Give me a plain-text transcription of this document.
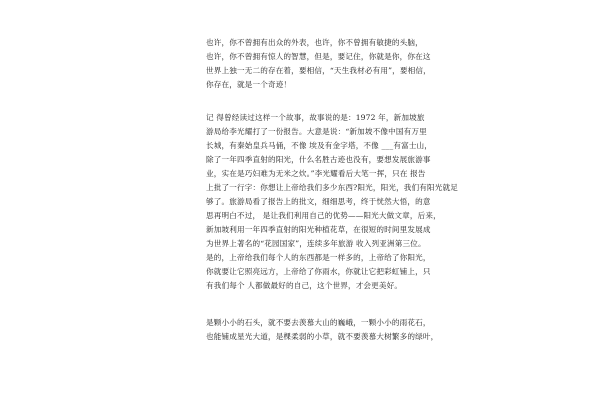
也许，你不曾拥有出众的外表，也许，你不曾拥有敏捷的头脑，
也许，你不曾拥有惊人的智慧，但是，要记住，你就是你，你在这
世界上独一无二的存在着，要相信，“天生我材必有用”，要相信，
你存在，就是一个奇迹！
记 得曾经读过这样一个故事，故事说的是：1972 年，新加坡旅
游局给李光耀打了一份报告。大意是说：“新加坡不像中国有万里
长城，有秦始皇兵马俑，不像 埃及有金字塔，不像 ___有富士山，
除了一年四季直射的阳光，什么名胜古迹也没有，要想发展旅游事
业，实在是巧妇难为无米之炊。”李光耀看后大笔一挥，只在 报告
上批了一行字：你想让上帝给我们多少东西?阳光，阳光，我们有阳光就足
够了。旅游局看了报告上的批文，细细思考，终于恍然大悟，的意
思再明白不过， 是让我们利用自己的优势——阳光大做文章，后来，
新加坡利用一年四季直射的阳光种植花草，在很短的时间里发展成
为世界上著名的“花园国家”，连续多年旅游 收入列亚洲第三位。
是的，上帝给我们每个人的东西都是一样多的，上帝给了你阳光，
你就要让它照亮远方，上帝给了你雨水，你就让它把彩虹铺上，只
有我们每个 人都做最好的自己，这个世界，才会更美好。
是颗小小的石头，就不要去羡慕大山的巍峨，一颗小小的雨花石，
也能铺成星光大道，是棵柔弱的小草，就不要羡慕大树繁多的绿叶，
